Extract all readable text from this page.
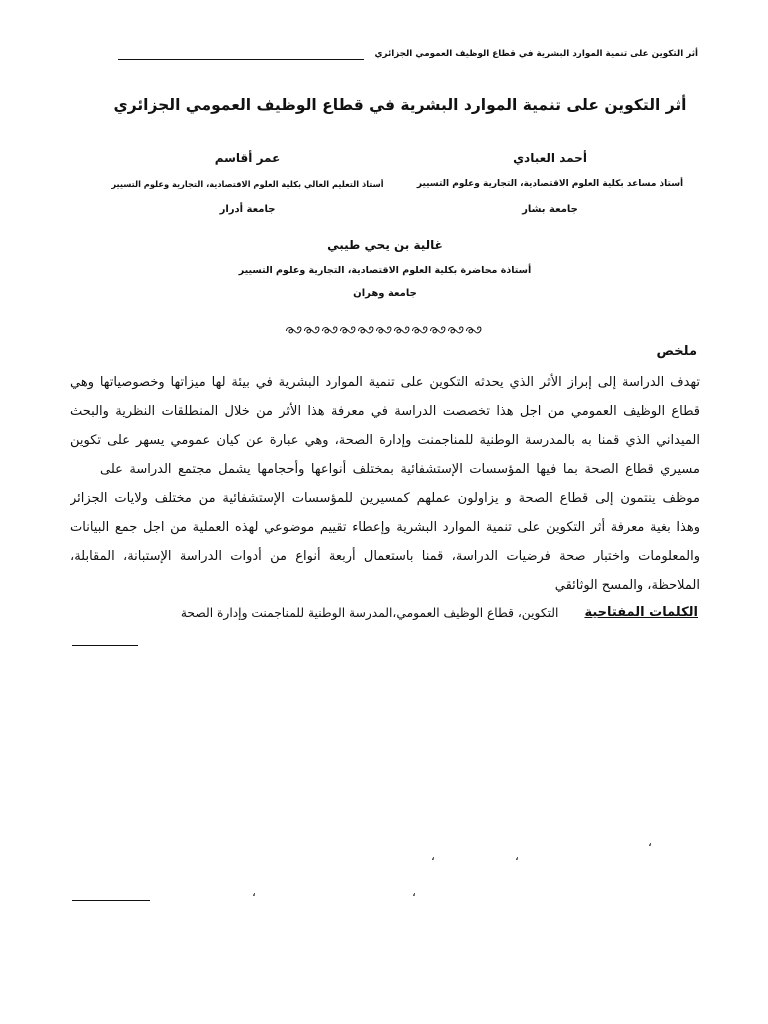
أثر التكوين على تنمية الموارد البشرية في قطاع الوظيف العمومي الجزائري
أثر التكوين على تنمية الموارد البشرية في قطاع الوظيف العمومي الجزائري
أحمد العبادي
أستاذ مساعد بكلية العلوم الاقتصادية، التجارية وعلوم التسيير
جامعة بشار
عمر أقاسم
أستاذ التعليم العالي بكلية العلوم الاقتصادية، التجارية وعلوم التسيير
جامعة أدرار
غالية بن يحي طيبي
أستاذة محاضرة بكلية العلوم الاقتصادية، التجارية وعلوم التسيير
جامعة وهران
ملخص
تهدف الدراسة إلى إبراز الأثر الذي يحدثه التكوين على تنمية الموارد البشرية في بيئة لها ميزاتها وخصوصياتها وهي
قطاع الوظيف العمومي من اجل هذا تخصصت الدراسة في معرفة هذا الأثر من خلال المنطلقات النظرية والبحث
الميداني الذي قمنا به بالمدرسة الوطنية للمناجمنت وإدارة الصحة، وهي عبارة عن كيان عمومي يسهر على تكوين
مسيري قطاع الصحة بما فيها المؤسسات الإستشفائية بمختلف أنواعها وأحجامها يشمل مجتمع الدراسة على
موظف ينتمون إلى قطاع الصحة و يزاولون عملهم كمسيرين للمؤسسات الإستشفائية من مختلف ولايات الجزائر
وهذا بغية معرفة أثر التكوين على تنمية الموارد البشرية وإعطاء تقييم موضوعي لهذه العملية من اجل جمع البيانات
والمعلومات واختبار صحة فرضيات الدراسة، قمنا باستعمال أربعة أنواع من أدوات الدراسة الإستبانة، المقابلة،
الملاحظة، والمسح الوثائقي
الكلمات المفتاحية
التكوين، قطاع الوظيف العمومي،المدرسة الوطنية للمناجمنت وإدارة الصحة
،
،
،
،
،
